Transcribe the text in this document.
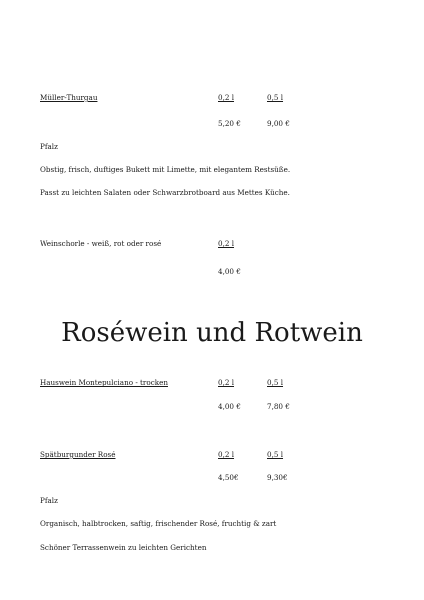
Müller-Thurgau	0,2 l	0,5 l
5,20 €	9,00 €
Pfalz
Obstig, frisch, duftiges Bukett mit Limette, mit elegantem Restsüße.
Passt zu leichten Salaten oder Schwarzbrotboard aus Mettes Küche.
Weinschorle - weiß, rot oder rosé	0,2 l
4,00 €
Roséwein und Rotwein
Hauswein Montepulciano - trocken	0,2 l	0,5 l
4,00 €	7,80 €
Spätburgunder Rosé	0,2 l	0,5 l
4,50€	9,30€
Pfalz
Organisch, halbtrocken, saftig, frischender Rosé, fruchtig & zart
Schöner Terrassenwein zu leichten Gerichten
